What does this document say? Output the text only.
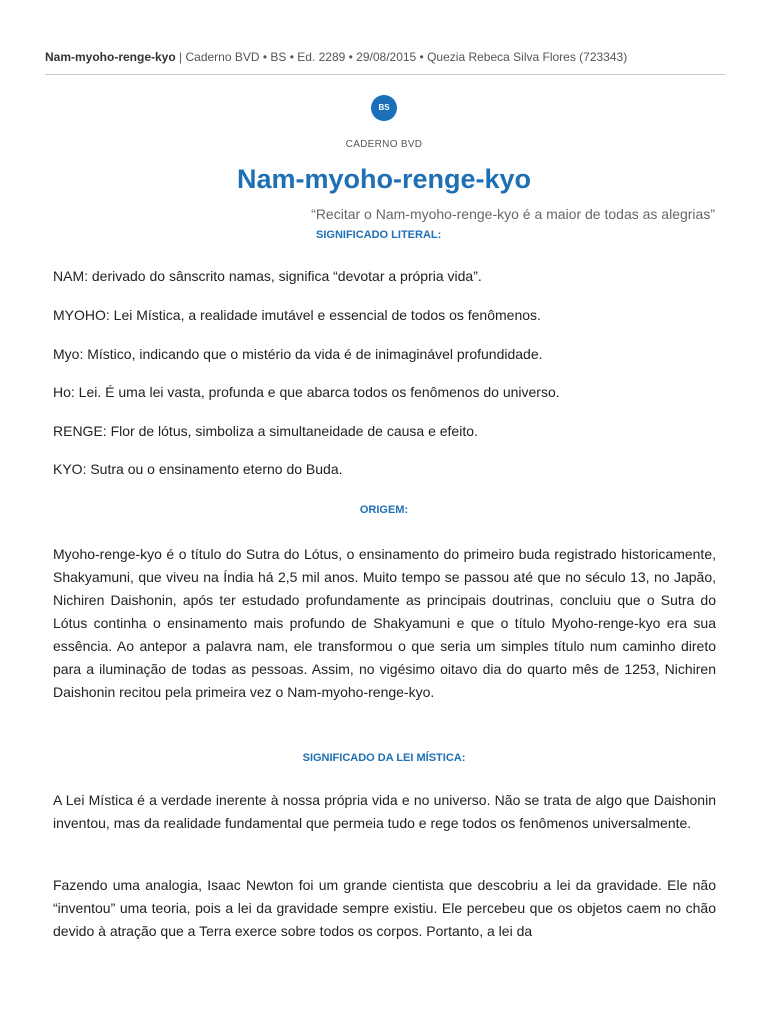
Nam-myoho-renge-kyo | Caderno BVD • BS • Ed. 2289 • 29/08/2015 • Quezia Rebeca Silva Flores (723343)
BS
CADERNO BVD
Nam-myoho-renge-kyo
“Recitar o Nam-myoho-renge-kyo é a maior de todas as alegrias”
SIGNIFICADO LITERAL:
NAM: derivado do sânscrito namas, significa “devotar a própria vida”.
MYOHO: Lei Mística, a realidade imutável e essencial de todos os fenômenos.
Myo: Místico, indicando que o mistério da vida é de inimaginável profundidade.
Ho: Lei. É uma lei vasta, profunda e que abarca todos os fenômenos do universo.
RENGE: Flor de lótus, simboliza a simultaneidade de causa e efeito.
KYO: Sutra ou o ensinamento eterno do Buda.
ORIGEM:
Myoho-renge-kyo é o título do Sutra do Lótus, o ensinamento do primeiro buda registrado historicamente, Shakyamuni, que viveu na Índia há 2,5 mil anos. Muito tempo se passou até que no século 13, no Japão, Nichiren Daishonin, após ter estudado profundamente as principais doutrinas, concluiu que o Sutra do Lótus continha o ensinamento mais profundo de Shakyamuni e que o título Myoho-renge-kyo era sua essência. Ao antepor a palavra nam, ele transformou o que seria um simples título num caminho direto para a iluminação de todas as pessoas. Assim, no vigésimo oitavo dia do quarto mês de 1253, Nichiren Daishonin recitou pela primeira vez o Nam-myoho-renge-kyo.
SIGNIFICADO DA LEI MÍSTICA:
A Lei Mística é a verdade inerente à nossa própria vida e no universo. Não se trata de algo que Daishonin inventou, mas da realidade fundamental que permeia tudo e rege todos os fenômenos universalmente.
Fazendo uma analogia, Isaac Newton foi um grande cientista que descobriu a lei da gravidade. Ele não “inventou” uma teoria, pois a lei da gravidade sempre existiu. Ele percebeu que os objetos caem no chão devido à atração que a Terra exerce sobre todos os corpos. Portanto, a lei da
